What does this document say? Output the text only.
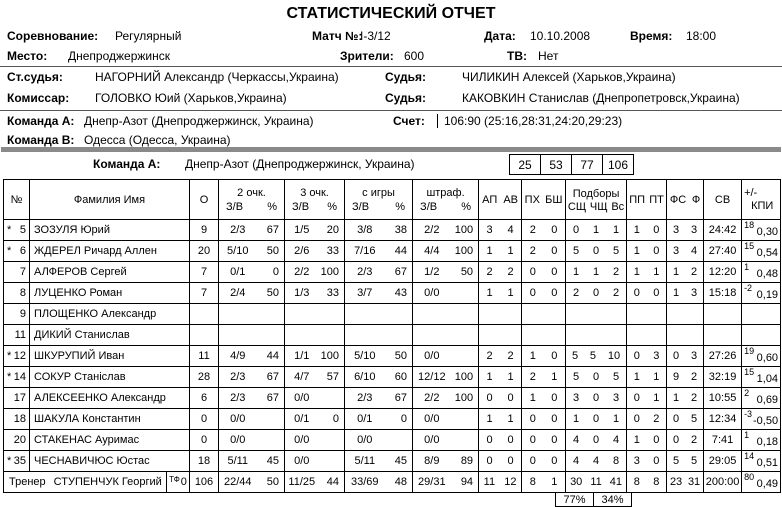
СТАТИСТИЧЕСКИЙ ОТЧЕТ
Соревнование: Регулярный	Матч №:
I-3/12	Дата: 10.10.2008	Время: 18:00
Место: Днепроджержинск	Зрители: 600	ТВ: Нет
Ст.судья:	НАГОРНИЙ Александр (Черкассы,Украина)	Судья:	ЧИЛИКИН Алексей (Харьков,Украина)
Комиссар: ГОЛОВКО Юий (Харьков,Украина)	Судья:	КАКОВКИН Станислав (Днепропетровск,Украина)
Команда А: Днепр-Азот (Днепроджержинск, Украина)	Счет:	106:90 (25:16,28:31,24:20,29:23)
Команда В: Одесса (Одесса, Украина)
Команда А: Днепр-Азот (Днепроджержинск, Украина)	25	53	77	106
№	Фамилия Имя	О	
2 очк.
З/В %

3 очк.
З/В %

с игры
З/В %

штраф.
З/В %

АП АВ	ПХ БШ	Подборы
СЩ ЧЩ Вс

ПП ПТ	ФС Ф	СВ	
+/-
КПИ

* 5	ЗОЗУЛЯ Юрий	9	2/3	67	1/5	20	3/8	38	2/2	100	3 4	2 0	0 1 1	1 0	3 3	24:42	18
0,30

* 6	ЖДЕРЕЛ Ричард Аллен	20	5/10	50	2/6	33	7/16	44	4/4	100	1 1	2 0	5 0 5	1 0	3 4	27:40	15
0,54

7	АЛФЕРОВ Сергей	7	0/1	0	2/2	100	2/3	67	1/2	50	2 2	0 0	1 1 2	1 1	1 2	12:20	1
0,48

8	ЛУЦЕНКО Роман	7	2/4	50	1/3	33	3/7	43	0/0		1 1	0 0	2 0 2	0 0	1 3	15:18	-2
0,19

9	ПЛОЩЕНКО Александр										

11	ДИКИЙ Станислав										

* 12	ШКУРУПИЙ Иван	11	4/9	44	1/1	100	5/10	50	0/0		2 2	1 0	5 5 10	0 3	0 3	27:26	19
0,60

* 14	СОКУР Станіслав	28	2/3	67	4/7	57	6/10	60	12/12	100	1 1	2 1	5 0 5	1 1	9 2	32:19	15
1,04

17	АЛЕКСЕЕНКО Александр	6	2/3	67	0/0		2/3	67	2/2	100	0 0	1 0	3 0 3	0 1	1 2	10:55	2
0,69

18	ШАКУЛА Константин	0	0/0		0/1	0	0/1	0	0/0		1 1	0 0	1 0 1	0 2	0 5	12:34	-3
-0,50

20	СТАКЕНАС Ауримас	0	0/0		0/0		0/0		0/0		0 0	0 0	4 0 4	1 0	0 2	7:41	1
0,18

* 35	ЧЕСНАВИЧЮС Юстас	18	5/11	45	0/0		5/11	45	8/9	89	0 0	0 0	4 4 8	3 0	5 5	29:05	14
0,51

Тренер СТУПЕНЧУК Георгий ТФ 0		106	22/44	50	11/25	44	33/69	48	29/31	94	11 12	8 1	30 11 41	8 8	23 31	200:00	80
0,49
77%	34%
